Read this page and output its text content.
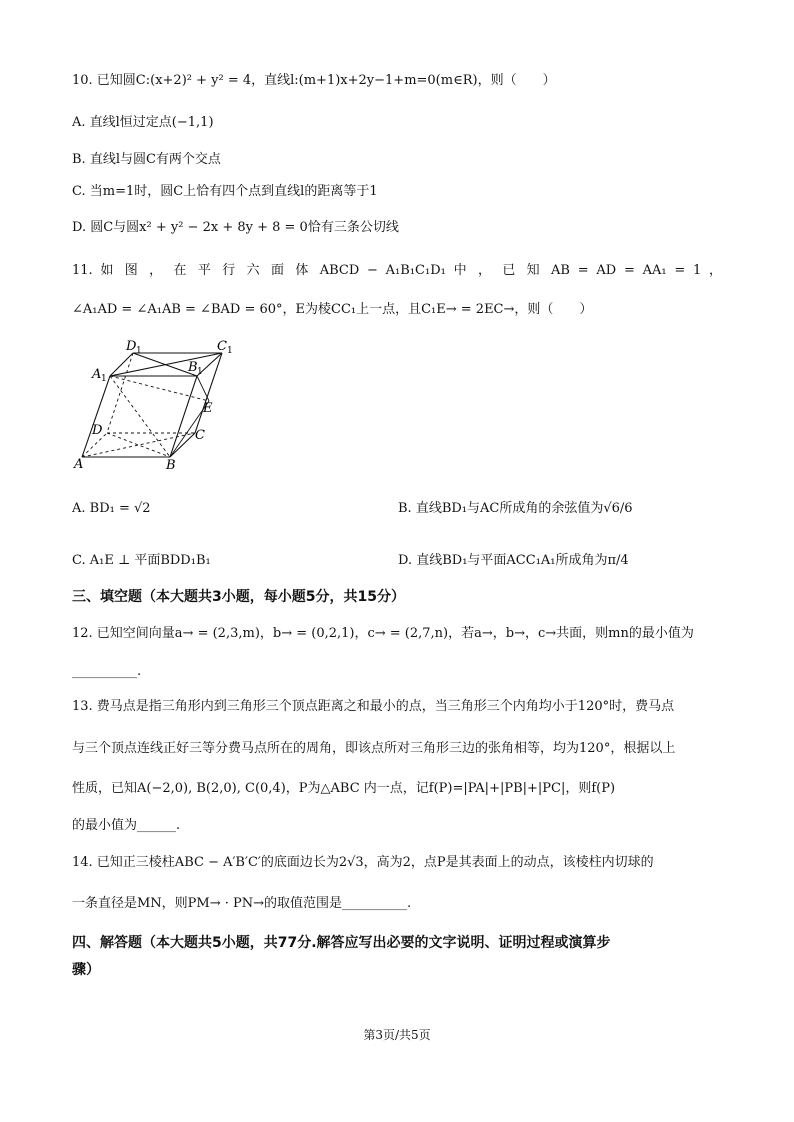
10. 已知圆C:(x+2)² + y² = 4，直线l:(m+1)x+2y−1+m=0(m∈R)，则（　　）
A. 直线l恒过定点(−1,1)
B. 直线l与圆C有两个交点
C. 当m=1时，圆C上恰有四个点到直线l的距离等于1
D. 圆C与圆x² + y² − 2x + 8y + 8 = 0恰有三条公切线
11. 如 图 ， 在 平 行 六 面 体 ABCD − A₁B₁C₁D₁ 中 ， 已 知 AB = AD = AA₁ = 1 ，
∠A₁AD = ∠A₁AB = ∠BAD = 60°，E为棱CC₁上一点，且C₁E→ = 2EC→，则（　　）
D 1	C 1
A 1
B 1
E
D	C
A	B
A. BD₁ = √2	B. 直线BD₁与AC所成角的余弦值为√6/6
C. A₁E ⊥ 平面BDD₁B₁	D. 直线BD₁与平面ACC₁A₁所成角为π/4
三、填空题（本大题共3小题，每小题5分，共15分）
12. 已知空间向量a→ = (2,3,m)，b→ = (0,2,1)，c→ = (2,7,n)，若a→，b→，c→共面，则mn的最小值为
__________.
13. 费马点是指三角形内到三角形三个顶点距离之和最小的点，当三角形三个内角均小于120°时，费马点
与三个顶点连线正好三等分费马点所在的周角，即该点所对三角形三边的张角相等，均为120°，根据以上
性质，已知A(−2,0), B(2,0), C(0,4)，P为△ABC 内一点，记f(P)=|PA|+|PB|+|PC|，则f(P)
的最小值为______.
14. 已知正三棱柱ABC − A′B′C′的底面边长为2√3，高为2，点P是其表面上的动点，该棱柱内切球的
一条直径是MN，则PM→ · PN→的取值范围是__________.
四、解答题（本大题共5小题，共77分.解答应写出必要的文字说明、证明过程或演算步
骤）
第3页/共5页
